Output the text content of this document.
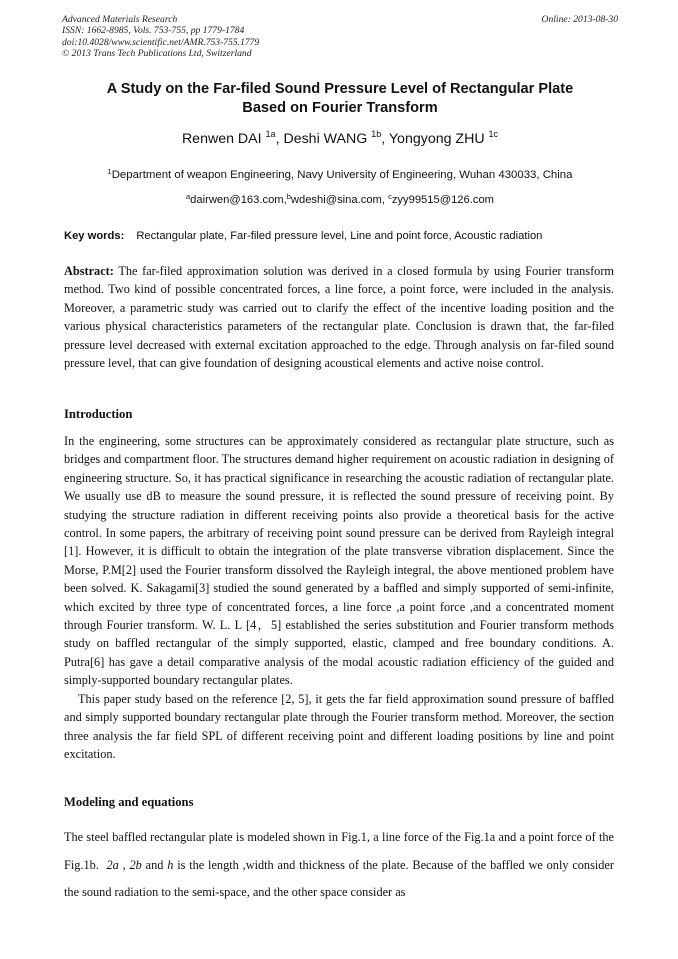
Advanced Materials Research
ISSN: 1662-8985, Vols. 753-755, pp 1779-1784
doi:10.4028/www.scientific.net/AMR.753-755.1779
© 2013 Trans Tech Publications Ltd, Switzerland
Online: 2013-08-30
A Study on the Far-filed Sound Pressure Level of Rectangular Plate
Based on Fourier Transform
Renwen DAI $^{1a}$, Deshi WANG $^{1b}$, Yongyong ZHU $^{1c}$
$^1$Department of weapon Engineering, Navy University of Engineering, Wuhan 430033, China
$^a$dairwen@163.com,$^b$wdeshi@sina.com, $^c$zyy99515@126.com
Key words: Rectangular plate, Far-filed pressure level, Line and point force, Acoustic radiation

Abstract: The far-filed approximation solution was derived in a closed formula by using Fourier transform method. Two kind of possible concentrated forces, a line force, a point force, were included in the analysis. Moreover, a parametric study was carried out to clarify the effect of the incentive loading position and the various physical characteristics parameters of the rectangular plate. Conclusion is drawn that, the far-filed pressure level decreased with external excitation approached to the edge. Through analysis on far-filed sound pressure level, that can give foundation of designing acoustical elements and active noise control.

Introduction

In the engineering, some structures can be approximately considered as rectangular plate structure, such as bridges and compartment floor. The structures demand higher requirement on acoustic radiation in designing of engineering structure. So, it has practical significance in researching the acoustic radiation of rectangular plate. We usually use dB to measure the sound pressure, it is reflected the sound pressure of receiving point. By studying the structure radiation in different receiving points also provide a theoretical basis for the active control. In some papers, the arbitrary of receiving point sound pressure can be derived from Rayleigh integral [1]. However, it is difficult to obtain the integration of the plate transverse vibration displacement. Since the Morse, P.M[2] used the Fourier transform dissolved the Rayleigh integral, the above mentioned problem have been solved. K. Sakagami[3] studied the sound generated by a baffled and simply supported of semi-infinite, which excited by three type of concentrated forces, a line force ,a point force ,and a concentrated moment through Fourier transform. W. L. L [4，5] established the series substitution and Fourier transform methods study on baffled rectangular of the simply supported, elastic, clamped and free boundary conditions. A. Putra[6] has gave a detail comparative analysis of the modal acoustic radiation efficiency of the guided and simply-supported boundary rectangular plates.

This paper study based on the reference [2, 5], it gets the far field approximation sound pressure of baffled and simply supported boundary rectangular plate through the Fourier transform method. Moreover, the section three analysis the far field SPL of different receiving point and different loading positions by line and point excitation.

Modeling and equations

The steel baffled rectangular plate is modeled shown in Fig.1, a line force of the Fig.1a and a point force of the Fig.1b. 2a , 2b and h is the length ,width and thickness of the plate. Because of the baffled we only consider the sound radiation to the semi-space, and the other space consider as
